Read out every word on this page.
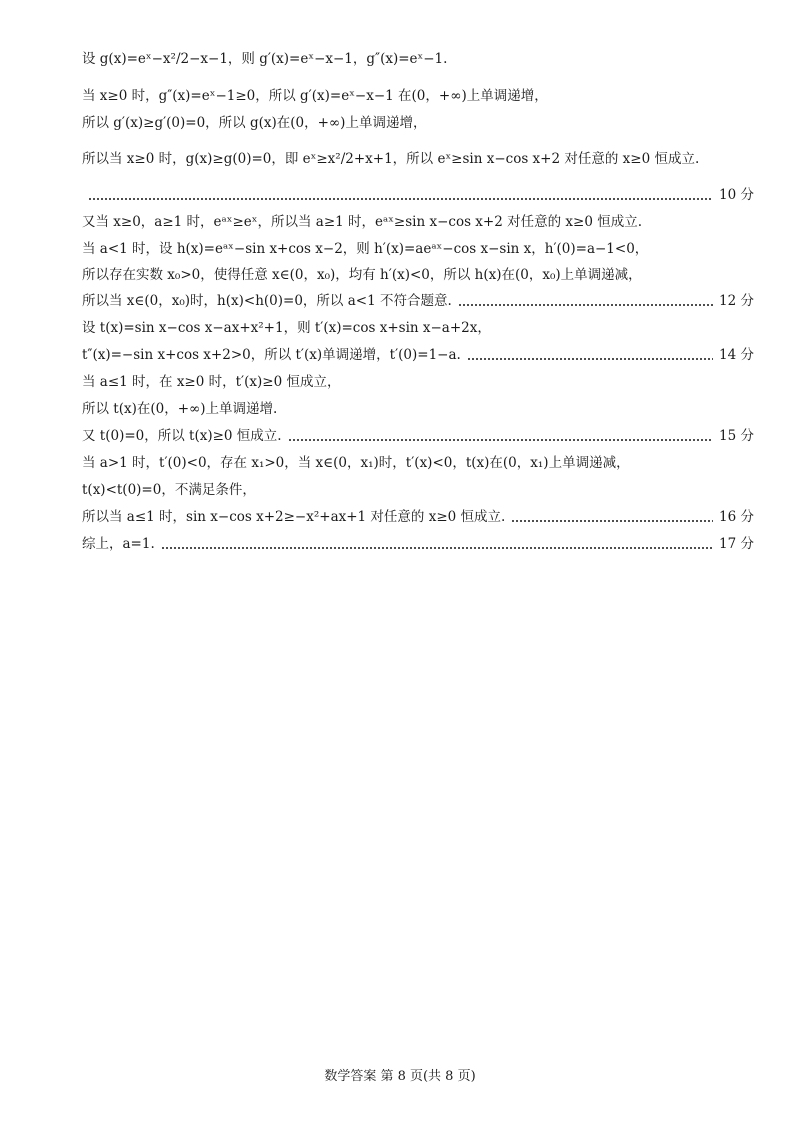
设 g(x)=eˣ−x²/2−x−1，则 g′(x)=eˣ−x−1，g″(x)=eˣ−1.
当 x≥0 时，g″(x)=eˣ−1≥0，所以 g′(x)=eˣ−x−1 在(0，+∞)上单调递增，
所以 g′(x)≥g′(0)=0，所以 g(x)在(0，+∞)上单调递增，
所以当 x≥0 时，g(x)≥g(0)=0，即 eˣ≥x²/2+x+1，所以 eˣ≥sin x−cos x+2 对任意的 x≥0 恒成立.
10 分
又当 x≥0，a≥1 时，eᵃˣ≥eˣ，所以当 a≥1 时，eᵃˣ≥sin x−cos x+2 对任意的 x≥0 恒成立.
当 a<1 时，设 h(x)=eᵃˣ−sin x+cos x−2，则 h′(x)=aeᵃˣ−cos x−sin x，h′(0)=a−1<0，
所以存在实数 x₀>0，使得任意 x∈(0，x₀)，均有 h′(x)<0，所以 h(x)在(0，x₀)上单调递减，
所以当 x∈(0，x₀)时，h(x)<h(0)=0，所以 a<1 不符合题意.	12 分
设 t(x)=sin x−cos x−ax+x²+1，则 t′(x)=cos x+sin x−a+2x，
t″(x)=−sin x+cos x+2>0，所以 t′(x)单调递增，t′(0)=1−a.	14 分
当 a≤1 时，在 x≥0 时，t′(x)≥0 恒成立，
所以 t(x)在(0，+∞)上单调递增.
又 t(0)=0，所以 t(x)≥0 恒成立.	15 分
当 a>1 时，t′(0)<0，存在 x₁>0，当 x∈(0，x₁)时，t′(x)<0，t(x)在(0，x₁)上单调递减，
t(x)<t(0)=0，不满足条件，
所以当 a≤1 时，sin x−cos x+2≥−x²+ax+1 对任意的 x≥0 恒成立.	16 分
综上，a=1.	17 分
数学答案 第 8 页(共 8 页)
